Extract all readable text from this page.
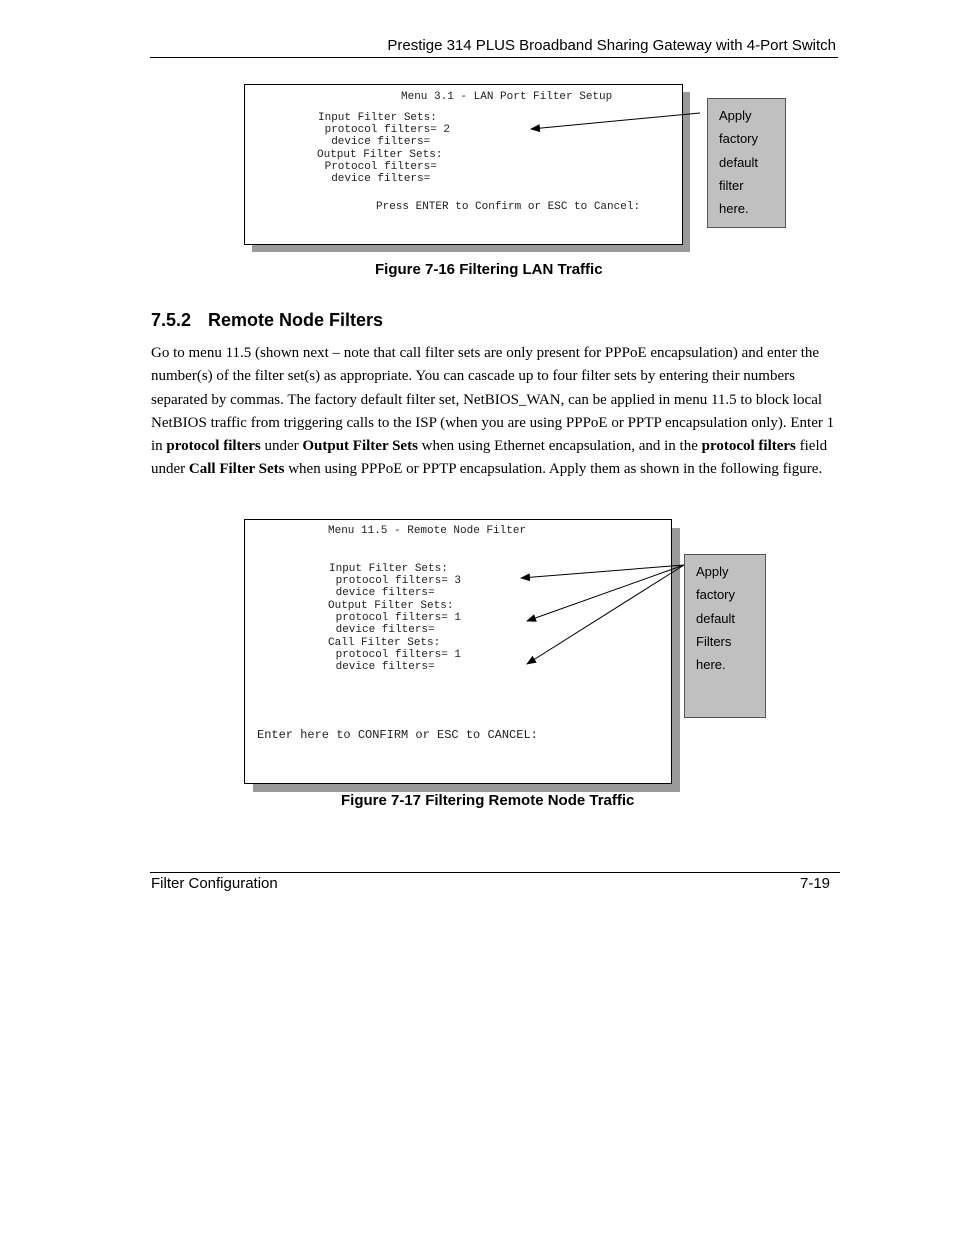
Prestige 314 PLUS Broadband Sharing Gateway with 4-Port Switch
Menu 3.1 - LAN Port Filter Setup
Input Filter Sets:
protocol filters= 2
device filters=
Output Filter Sets:
Protocol filters=
device filters=
Press ENTER to Confirm or ESC to Cancel:
Apply
factory
default
filter
here.
Figure 7-16 Filtering LAN Traffic
7.5.2 Remote Node Filters
Go to menu 11.5 (shown next – note that call filter sets are only present for PPPoE encapsulation) and enter the number(s) of the filter set(s) as appropriate. You can cascade up to four filter sets by entering their numbers separated by commas. The factory default filter set, NetBIOS_WAN, can be applied in menu 11.5 to block local NetBIOS traffic from triggering calls to the ISP (when you are using PPPoE or PPTP encapsulation only). Enter 1 in protocol filters under Output Filter Sets when using Ethernet encapsulation, and in the protocol filters field under Call Filter Sets when using PPPoE or PPTP encapsulation. Apply them as shown in the following figure.
Menu 11.5 - Remote Node Filter
Input Filter Sets:
protocol filters= 3
device filters=
Output Filter Sets:
protocol filters= 1
device filters=
Call Filter Sets:
protocol filters= 1
device filters=
Enter here to CONFIRM or ESC to CANCEL:
Apply
factory
default
Filters
here.
Figure 7-17 Filtering Remote Node Traffic
Filter Configuration	7-19
